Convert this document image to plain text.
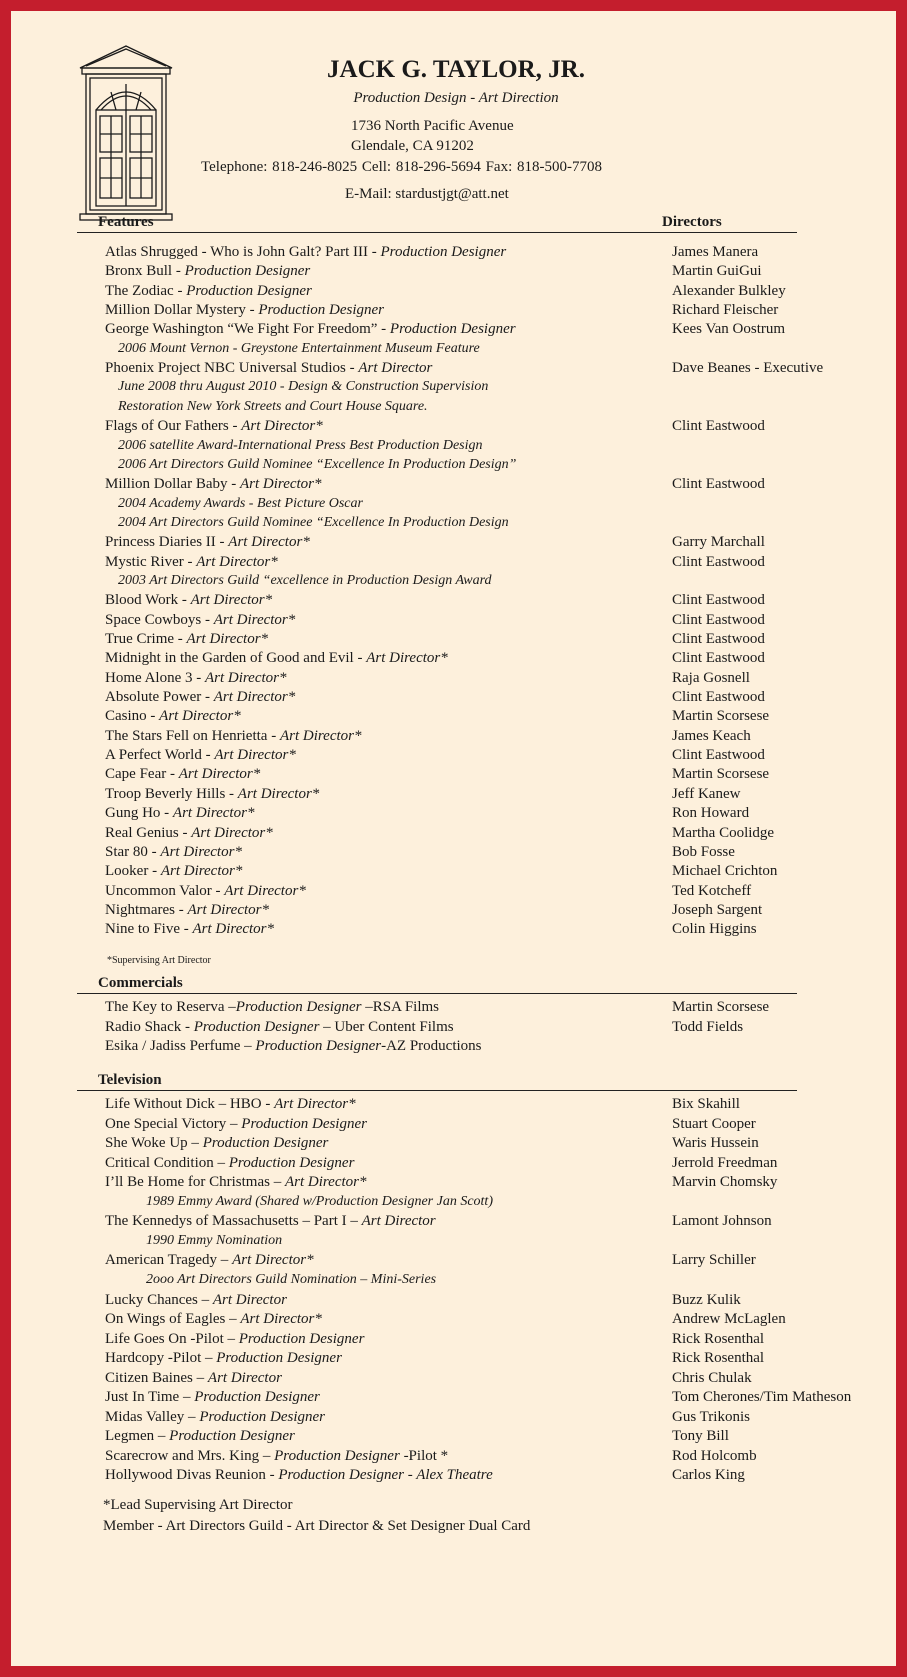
JACK G. TAYLOR, JR.
Production Design - Art Direction
1736 North Pacific Avenue
Glendale, CA 91202
Telephone: 818-246-8025 Cell: 818-296-5694 Fax: 818-500-7708
E-Mail: stardustjgt@att.net
Features	Directors
Atlas Shrugged - Who is John Galt? Part III - Production Designer	James Manera
Bronx Bull - Production Designer	Martin GuiGui
The Zodiac - Production Designer	Alexander Bulkley
Million Dollar Mystery - Production Designer	Richard Fleischer
George Washington “We Fight For Freedom” - Production Designer	Kees Van Oostrum
2006 Mount Vernon - Greystone Entertainment Museum Feature
Phoenix Project NBC Universal Studios - Art Director	Dave Beanes - Executive
June 2008 thru August 2010 - Design & Construction Supervision
Restoration New York Streets and Court House Square.
Flags of Our Fathers - Art Director*	Clint Eastwood
2006 satellite Award-International Press Best Production Design
2006 Art Directors Guild Nominee “Excellence In Production Design”
Million Dollar Baby - Art Director*	Clint Eastwood
2004 Academy Awards - Best Picture Oscar
2004 Art Directors Guild Nominee “Excellence In Production Design
Princess Diaries II - Art Director*	Garry Marchall
Mystic River - Art Director*	Clint Eastwood
2003 Art Directors Guild “excellence in Production Design Award
Blood Work - Art Director*	Clint Eastwood
Space Cowboys - Art Director*	Clint Eastwood
True Crime - Art Director*	Clint Eastwood
Midnight in the Garden of Good and Evil - Art Director*	Clint Eastwood
Home Alone 3 - Art Director*	Raja Gosnell
Absolute Power - Art Director*	Clint Eastwood
Casino - Art Director*	Martin Scorsese
The Stars Fell on Henrietta - Art Director*	James Keach
A Perfect World - Art Director*	Clint Eastwood
Cape Fear - Art Director*	Martin Scorsese
Troop Beverly Hills - Art Director*	Jeff Kanew
Gung Ho - Art Director*	Ron Howard
Real Genius - Art Director*	Martha Coolidge
Star 80 - Art Director*	Bob Fosse
Looker - Art Director*	Michael Crichton
Uncommon Valor - Art Director*	Ted Kotcheff
Nightmares - Art Director*	Joseph Sargent
Nine to Five - Art Director*	Colin Higgins
*Supervising Art Director
Commercials
The Key to Reserva –Production Designer –RSA Films	Martin Scorsese
Radio Shack - Production Designer – Uber Content Films	Todd Fields
Esika / Jadiss Perfume – Production Designer-AZ Productions
Television
Life Without Dick – HBO - Art Director*	Bix Skahill
One Special Victory – Production Designer	Stuart Cooper
She Woke Up – Production Designer	Waris Hussein
Critical Condition – Production Designer	Jerrold Freedman
I’ll Be Home for Christmas – Art Director*	Marvin Chomsky
1989 Emmy Award (Shared w/Production Designer Jan Scott)
The Kennedys of Massachusetts – Part I – Art Director	Lamont Johnson
1990 Emmy Nomination
American Tragedy – Art Director*	Larry Schiller
2ooo Art Directors Guild Nomination – Mini-Series
Lucky Chances – Art Director	Buzz Kulik
On Wings of Eagles – Art Director*	Andrew McLaglen
Life Goes On -Pilot – Production Designer	Rick Rosenthal
Hardcopy -Pilot – Production Designer	Rick Rosenthal
Citizen Baines – Art Director	Chris Chulak
Just In Time – Production Designer	Tom Cherones/Tim Matheson
Midas Valley – Production Designer	Gus Trikonis
Legmen – Production Designer	Tony Bill
Scarecrow and Mrs. King – Production Designer -Pilot *	Rod Holcomb
Hollywood Divas Reunion - Production Designer - Alex Theatre	Carlos King
*Lead Supervising Art Director
Member - Art Directors Guild - Art Director & Set Designer Dual Card
